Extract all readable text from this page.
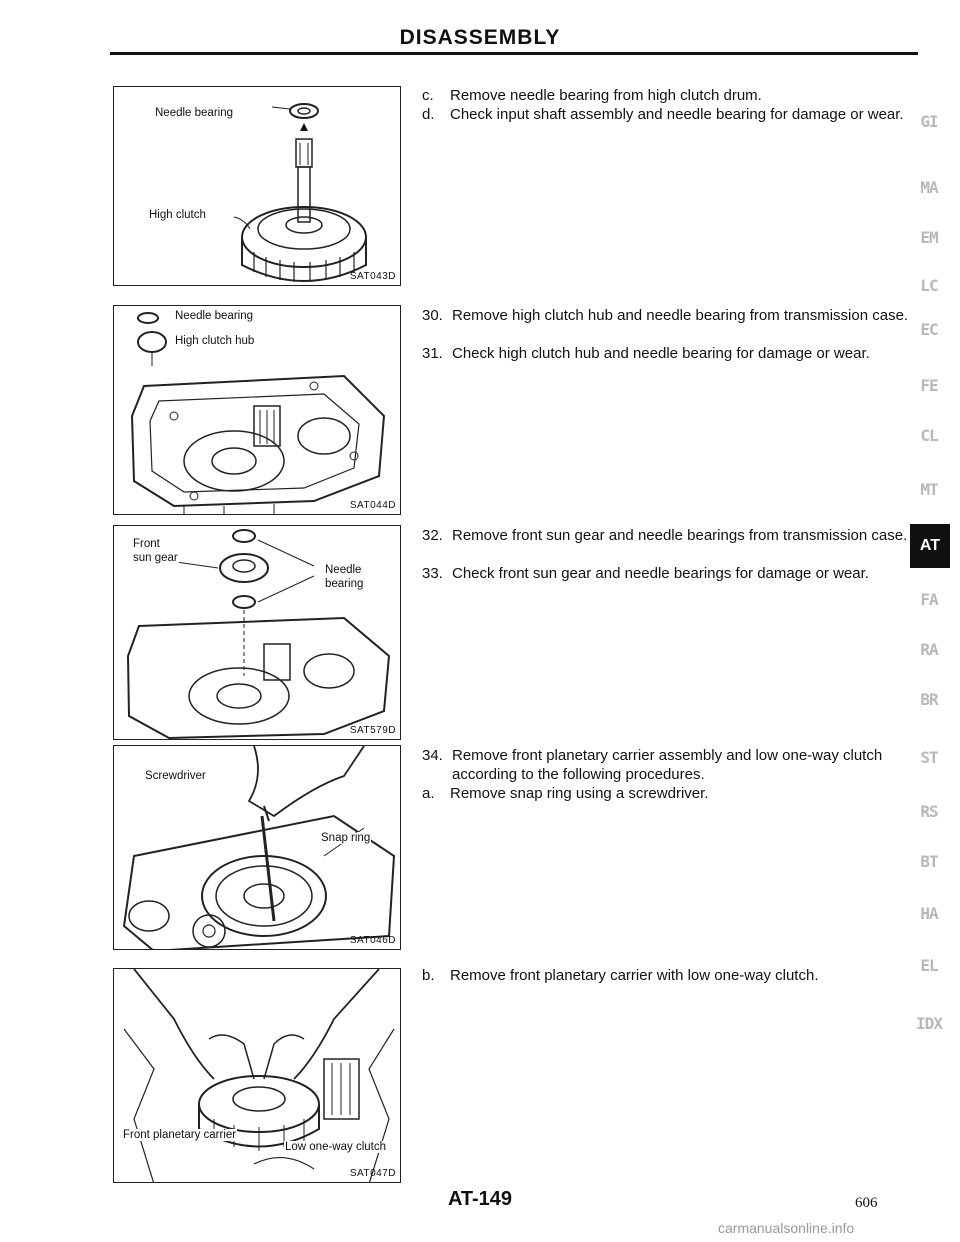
DISASSEMBLY
Needle bearing
High clutch
SAT043D
Needle bearing
High clutch hub
SAT044D
Front
sun gear
Needle
bearing
SAT579D
Screwdriver
Snap ring
SAT046D
Front planetary carrier
Low one-way clutch
SAT047D
c.	Remove needle bearing from high clutch drum.
d.	Check input shaft assembly and needle bearing for damage or wear.
30. Remove high clutch hub and needle bearing from transmission case.
31. Check high clutch hub and needle bearing for damage or wear.
32. Remove front sun gear and needle bearings from transmission case.
33. Check front sun gear and needle bearings for damage or wear.
34. Remove front planetary carrier assembly and low one-way clutch according to the following procedures.
a.	Remove snap ring using a screwdriver.
b.	Remove front planetary carrier with low one-way clutch.
GI
MA
EM
LC
EC
FE
CL
MT
AT
FA
RA
BR
ST
RS
BT
HA
EL
IDX
AT-149	606
carmanualsonline.info
